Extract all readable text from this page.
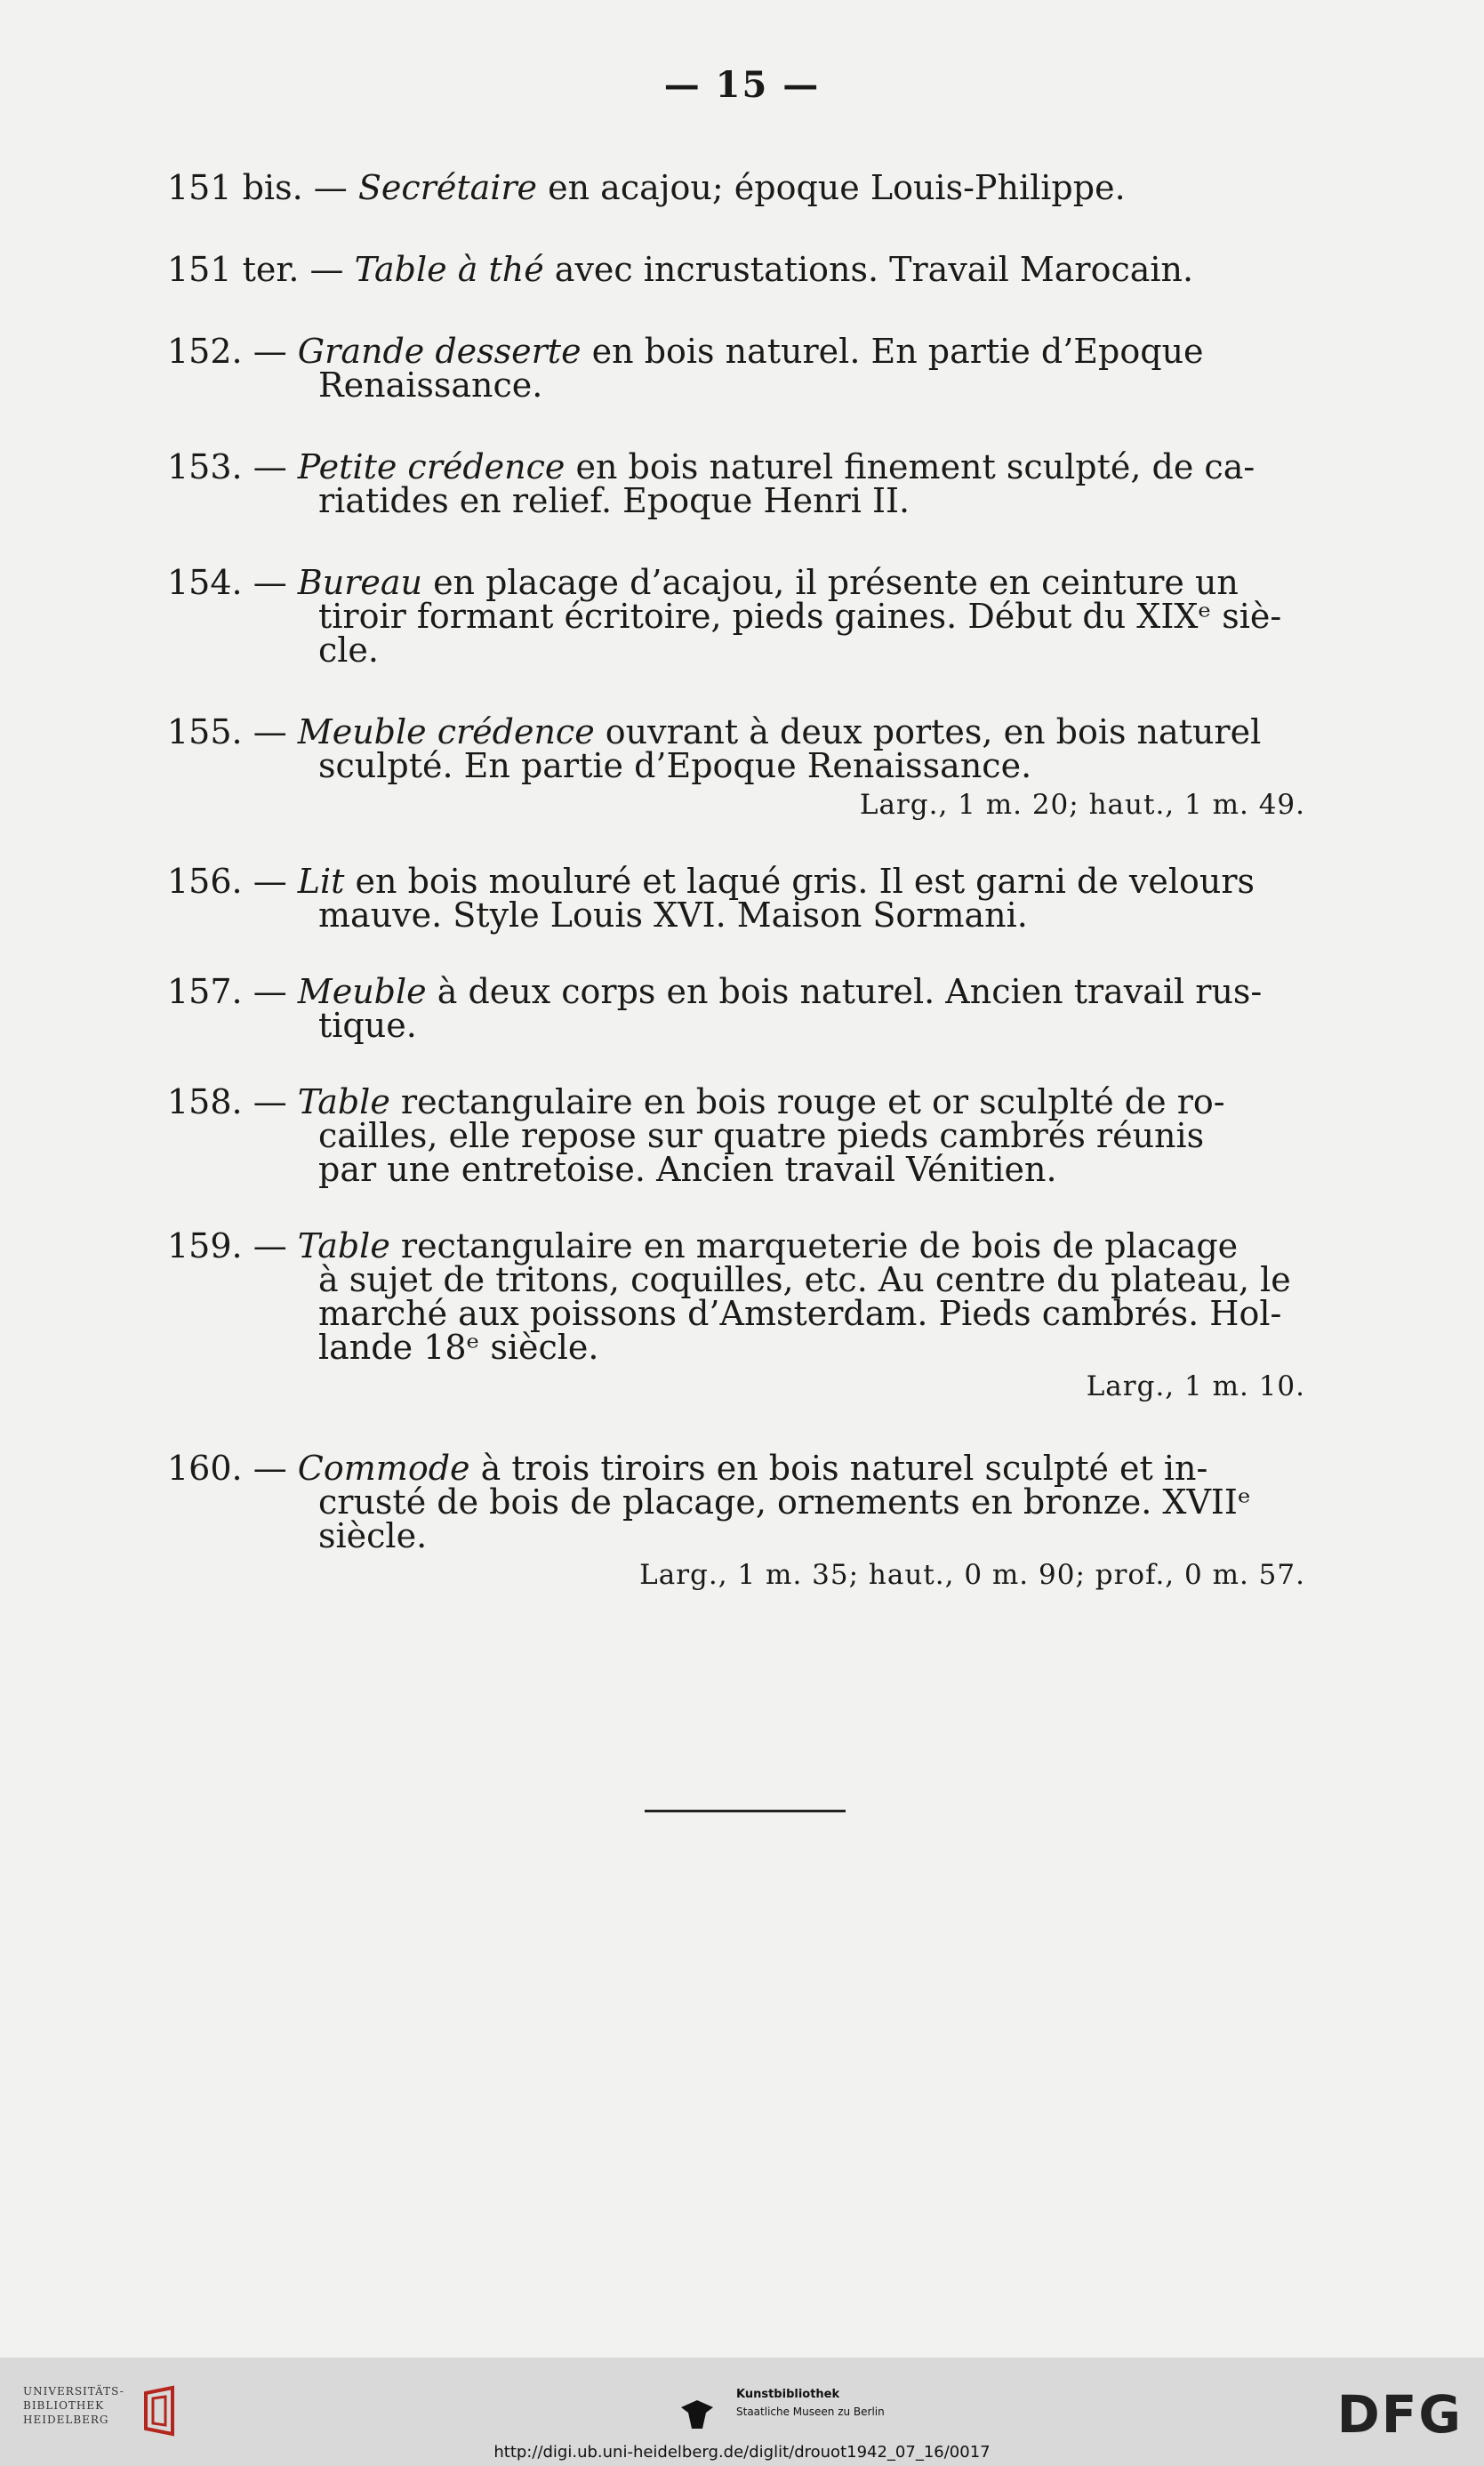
— 15 —
151 bis. — Secrétaire en acajou; époque Louis-Philippe.
151 ter. — Table à thé avec incrustations. Travail Marocain.
152. — Grande desserte en bois naturel. En partie d’Epoque
Renaissance.
153. — Petite crédence en bois naturel finement sculpté, de ca-
riatides en relief. Epoque Henri II.
154. — Bureau en placage d’acajou, il présente en ceinture un
tiroir formant écritoire, pieds gaines. Début du XIXᵉ siè-
cle.
155. — Meuble crédence ouvrant à deux portes, en bois naturel
sculpté. En partie d’Epoque Renaissance.
Larg., 1 m. 20; haut., 1 m. 49.
156. — Lit en bois mouluré et laqué gris. Il est garni de velours
mauve. Style Louis XVI. Maison Sormani.
157. — Meuble à deux corps en bois naturel. Ancien travail rus-
tique.
158. — Table rectangulaire en bois rouge et or sculplté de ro-
cailles, elle repose sur quatre pieds cambrés réunis
par une entretoise. Ancien travail Vénitien.
159. — Table rectangulaire en marqueterie de bois de placage
à sujet de tritons, coquilles, etc. Au centre du plateau, le
marché aux poissons d’Amsterdam. Pieds cambrés. Hol-
lande 18ᵉ siècle.
Larg., 1 m. 10.
160. — Commode à trois tiroirs en bois naturel sculpté et in-
crusté de bois de placage, ornements en bronze. XVIIᵉ
siècle.
Larg., 1 m. 35; haut., 0 m. 90; prof., 0 m. 57.
UNIVERSITÄTS-
BIBLIOTHEK
HEIDELBERG
Kunstbibliothek
Staatliche Museen zu Berlin	DFG
http://digi.ub.uni-heidelberg.de/diglit/drouot1942_07_16/0017
